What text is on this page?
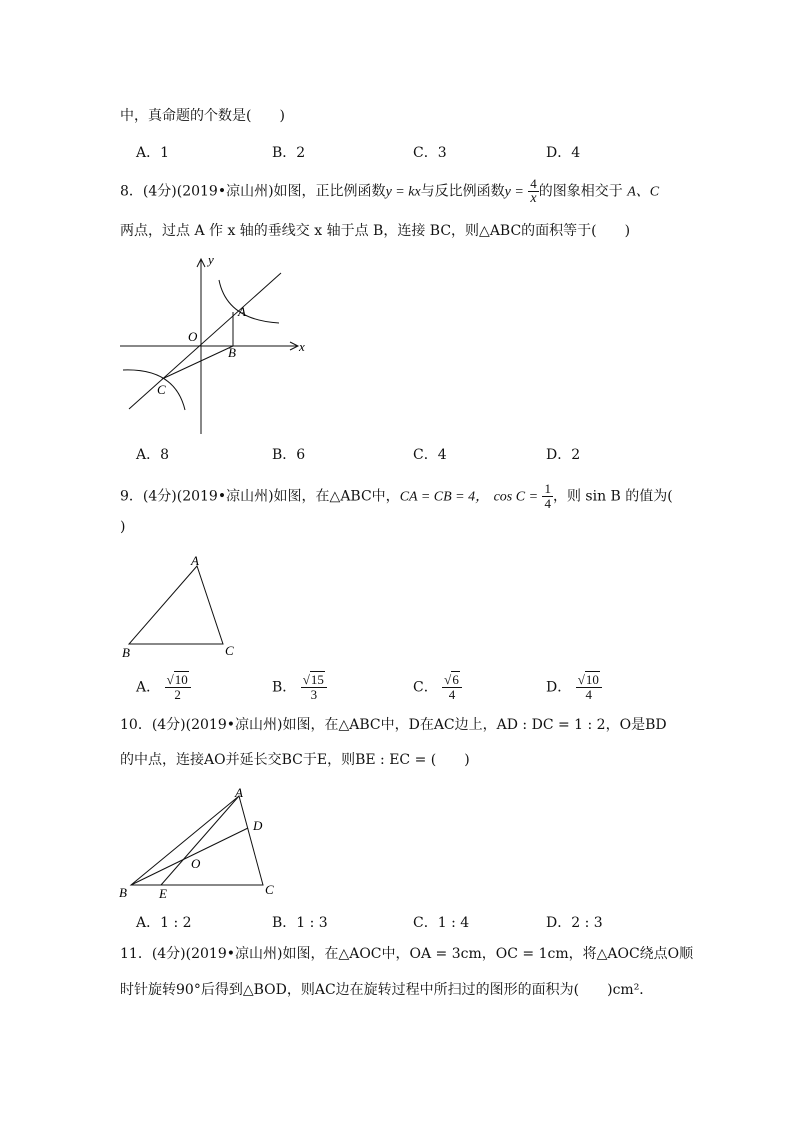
中，真命题的个数是(　　)
A．1	B．2	C．3	D．4
8．(4分)(2019•凉山州)如图，正比例函数y = kx与反比例函数$y = \frac{4}{x}$ 的图象相交于 A、C
两点，过点 A 作 x 轴的垂线交 x 轴于点 B，连接 BC，则△ABC的面积等于(　　)
y
x
O
A
B
C
A．8	B．6	C．4	D．2
9．(4分)(2019•凉山州)如图，在△ABC中，CA = CB = 4， $\cos C = \frac{1}{4}$ ，则 sin B 的值为(
)
A
B	C
A． $\frac{√10}{2}$	B． $\frac{√15}{3}$	C． $\frac{√6}{4}$	D． $\frac{√10}{4}$
10．(4分)(2019•凉山州)如图，在△ABC中，D在AC边上，AD : DC = 1 : 2，O是BD
的中点，连接AO并延长交BC于E，则BE : EC = (　　)
A
D
O
B E	C
A．1 : 2	B．1 : 3	C．1 : 4	D．2 : 3
11．(4分)(2019•凉山州)如图，在△AOC中，OA = 3cm，OC = 1cm，将△AOC绕点O顺
时针旋转90°后得到△BOD，则AC边在旋转过程中所扫过的图形的面积为(　　)cm²．
